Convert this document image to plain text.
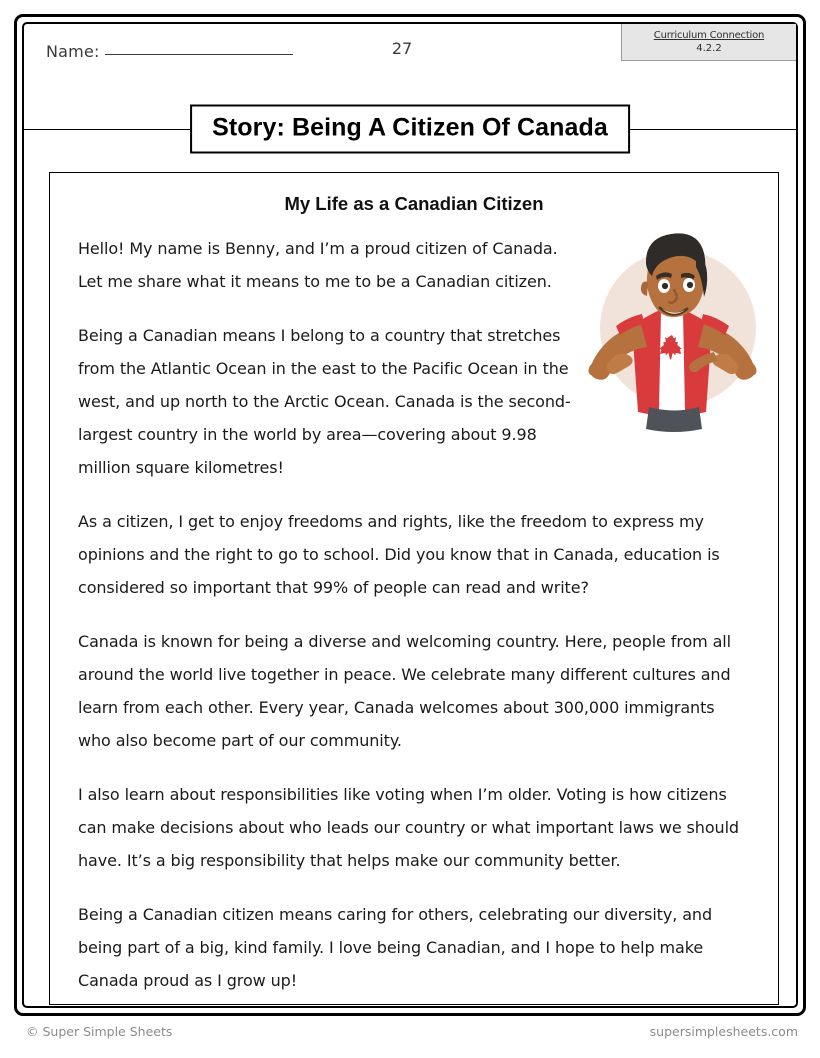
Name:	27
Curriculum Connection
4.2.2
Story: Being A Citizen Of Canada
My Life as a Canadian Citizen

Hello! My name is Benny, and I’m a proud citizen of Canada. Let me share what it means to me to be a Canadian citizen.

Being a Canadian means I belong to a country that stretches from the Atlantic Ocean in the east to the Pacific Ocean in the west, and up north to the Arctic Ocean. Canada is the second-largest country in the world by area—covering about 9.98 million square kilometres!

As a citizen, I get to enjoy freedoms and rights, like the freedom to express my opinions and the right to go to school. Did you know that in Canada, education is considered so important that 99% of people can read and write?

Canada is known for being a diverse and welcoming country. Here, people from all around the world live together in peace. We celebrate many different cultures and learn from each other. Every year, Canada welcomes about 300,000 immigrants who also become part of our community.

I also learn about responsibilities like voting when I’m older. Voting is how citizens can make decisions about who leads our country or what important laws we should have. It’s a big responsibility that helps make our community better.

Being a Canadian citizen means caring for others, celebrating our diversity, and being part of a big, kind family. I love being Canadian, and I hope to help make Canada proud as I grow up!

© Super Simple Sheets	supersimplesheets.com
